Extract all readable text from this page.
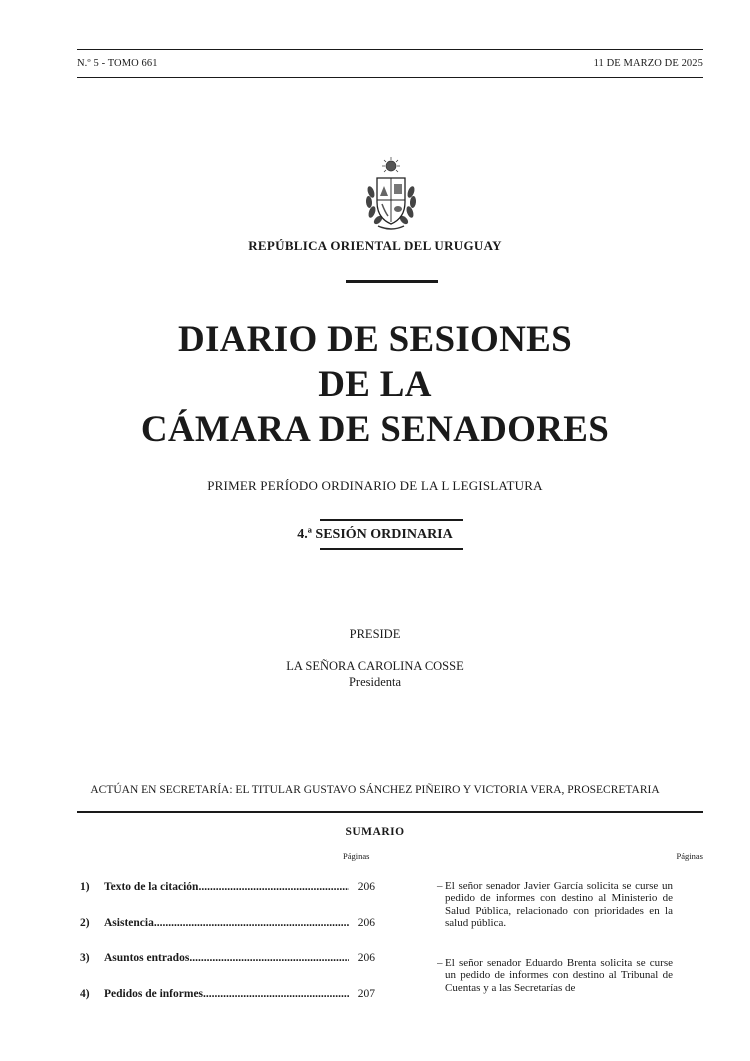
N.º 5 - TOMO 661	11 DE MARZO DE 2025
REPÚBLICA ORIENTAL DEL URUGUAY
DIARIO DE SESIONES
DE LA
CÁMARA DE SENADORES
PRIMER PERÍODO ORDINARIO DE LA L LEGISLATURA
4.ª SESIÓN ORDINARIA
PRESIDE
LA SEÑORA CAROLINA COSSE
Presidenta
ACTÚAN EN SECRETARÍA: EL TITULAR GUSTAVO SÁNCHEZ PIÑEIRO Y VICTORIA VERA, PROSECRETARIA
SUMARIO
Páginas	Páginas
1)	Texto de la citación .....	206
2)	Asistencia .....	206
3)	Asuntos entrados .....	206
4)	Pedidos de informes .....	207
– El señor senador Javier García solicita se curse un pedido de informes con destino al Ministerio de Salud Pública, relacionado con prioridades en la salud pública.
– El señor senador Eduardo Brenta solicita se curse un pedido de informes con destino al Tribunal de Cuentas y a las Secretarías de
